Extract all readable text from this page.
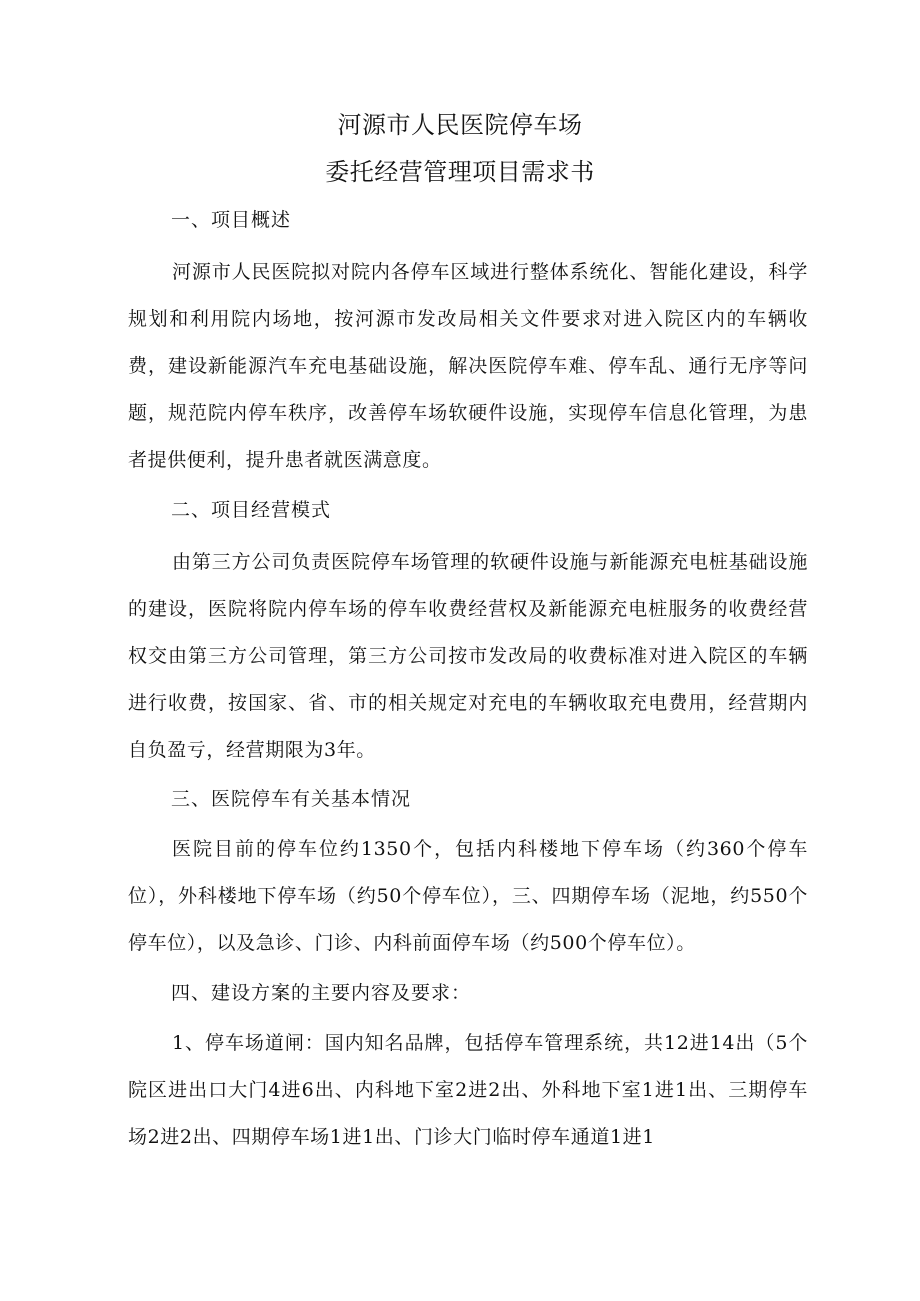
河源市人民医院停车场
委托经营管理项目需求书
一、项目概述

河源市人民医院拟对院内各停车区域进行整体系统化、智能化建设，科学规划和利用院内场地，按河源市发改局相关文件要求对进入院区内的车辆收费，建设新能源汽车充电基础设施，解决医院停车难、停车乱、通行无序等问题，规范院内停车秩序，改善停车场软硬件设施，实现停车信息化管理，为患者提供便利，提升患者就医满意度。

二、项目经营模式

由第三方公司负责医院停车场管理的软硬件设施与新能源充电桩基础设施的建设，医院将院内停车场的停车收费经营权及新能源充电桩服务的收费经营权交由第三方公司管理，第三方公司按市发改局的收费标准对进入院区的车辆进行收费，按国家、省、市的相关规定对充电的车辆收取充电费用，经营期内自负盈亏，经营期限为3年。

三、医院停车有关基本情况

医院目前的停车位约1350个，包括内科楼地下停车场（约360个停车位），外科楼地下停车场（约50个停车位），三、四期停车场（泥地，约550个停车位），以及急诊、门诊、内科前面停车场（约500个停车位）。

四、建设方案的主要内容及要求：

1、停车场道闸：国内知名品牌，包括停车管理系统，共12进14出（5个院区进出口大门4进6出、内科地下室2进2出、外科地下室1进1出、三期停车场2进2出、四期停车场1进1出、门诊大门临时停车通道1进1
